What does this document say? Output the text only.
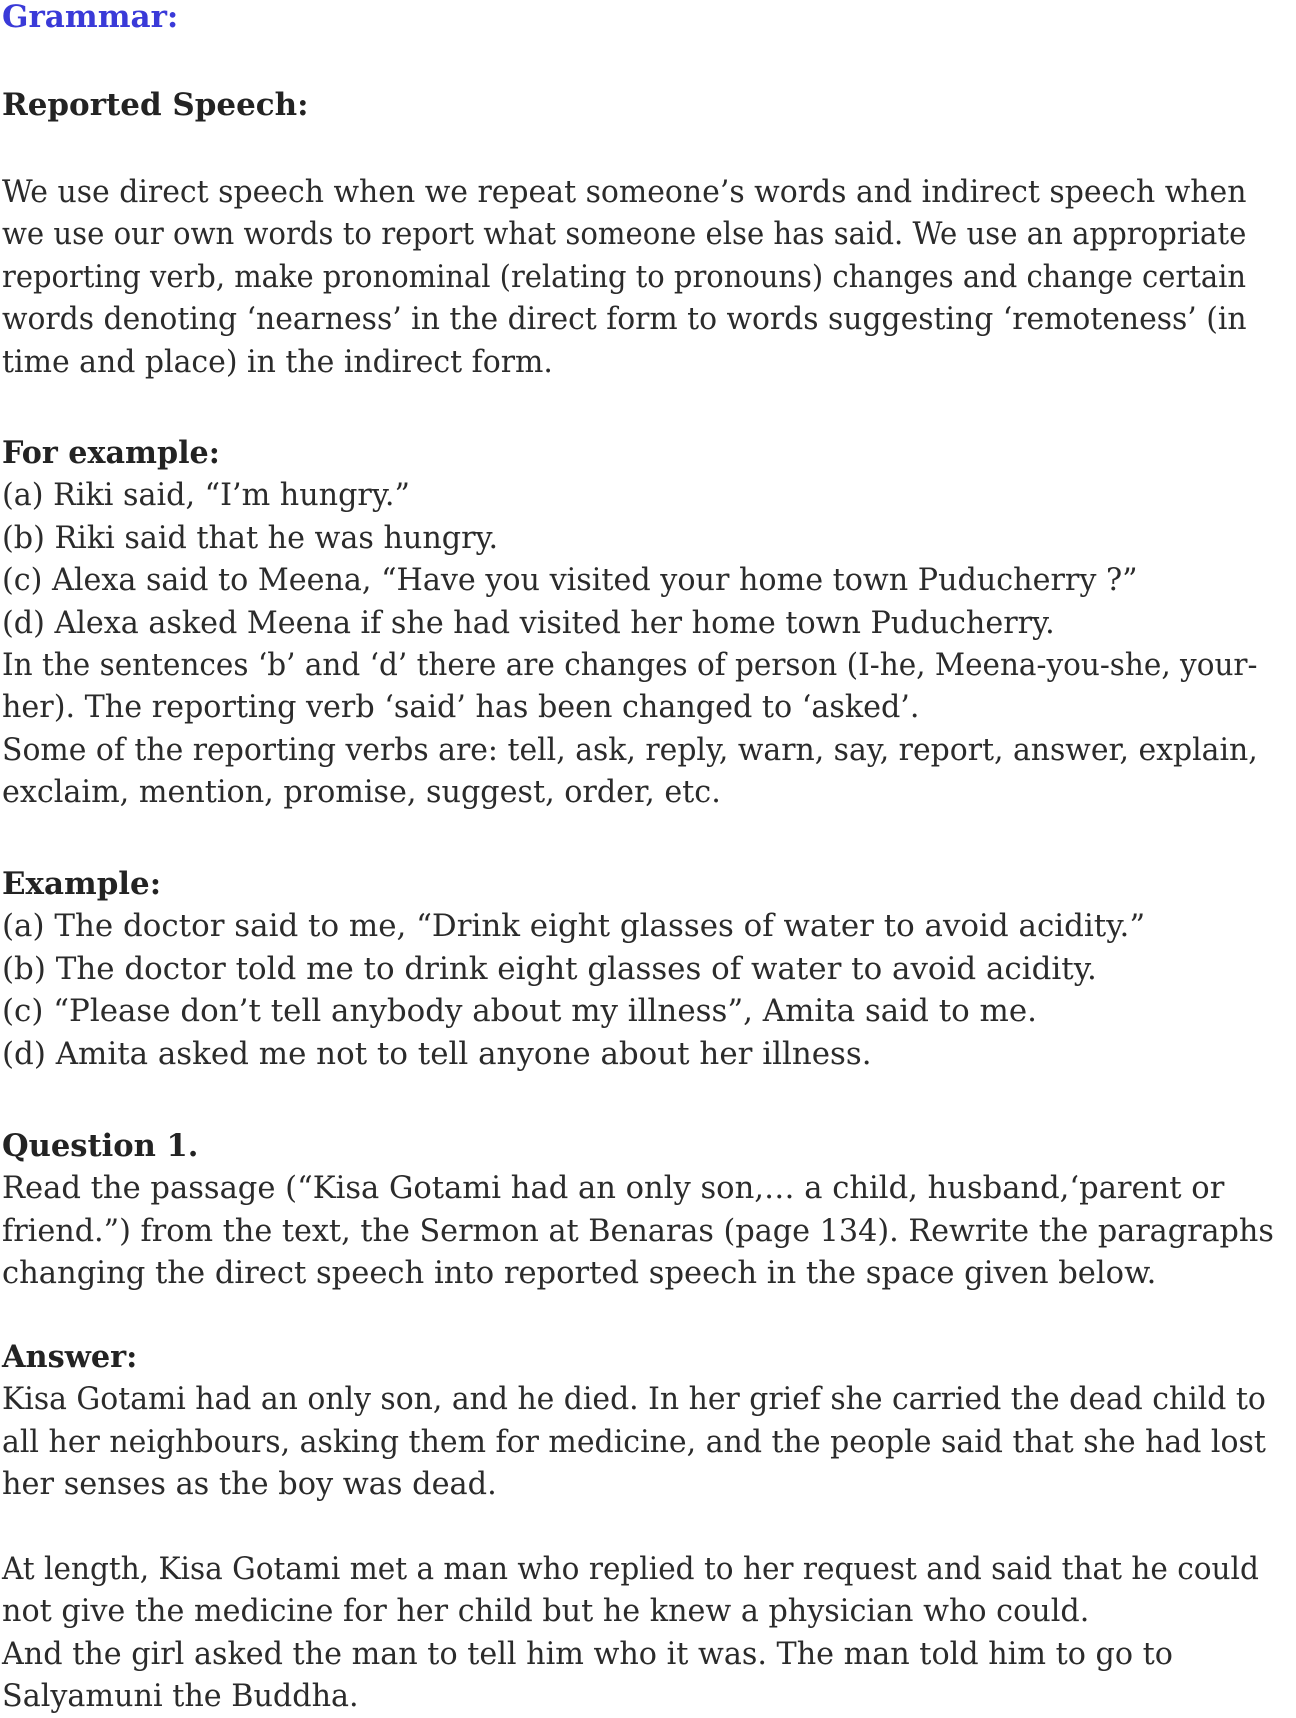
Grammar:
Reported Speech:
We use direct speech when we repeat someone’s words and indirect speech when
we use our own words to report what someone else has said. We use an appropriate
reporting verb, make pronominal (relating to pronouns) changes and change certain
words denoting ‘nearness’ in the direct form to words suggesting ‘remoteness’ (in
time and place) in the indirect form.
For example:
(a) Riki said, “I’m hungry.”
(b) Riki said that he was hungry.
(c) Alexa said to Meena, “Have you visited your home town Puducherry ?”
(d) Alexa asked Meena if she had visited her home town Puducherry.
In the sentences ‘b’ and ‘d’ there are changes of person (I-he, Meena-you-she, your-
her). The reporting verb ‘said’ has been changed to ‘asked’.
Some of the reporting verbs are: tell, ask, reply, warn, say, report, answer, explain,
exclaim, mention, promise, suggest, order, etc.
Example:
(a) The doctor said to me, “Drink eight glasses of water to avoid acidity.”
(b) The doctor told me to drink eight glasses of water to avoid acidity.
(c) “Please don’t tell anybody about my illness”, Amita said to me.
(d) Amita asked me not to tell anyone about her illness.
Question 1.
Read the passage (“Kisa Gotami had an only son,… a child, husband,‘parent or
friend.”) from the text, the Sermon at Benaras (page 134). Rewrite the paragraphs
changing the direct speech into reported speech in the space given below.
Answer:
Kisa Gotami had an only son, and he died. In her grief she carried the dead child to
all her neighbours, asking them for medicine, and the people said that she had lost
her senses as the boy was dead.
At length, Kisa Gotami met a man who replied to her request and said that he could
not give the medicine for her child but he knew a physician who could.
And the girl asked the man to tell him who it was. The man told him to go to
Salyamuni the Buddha.
